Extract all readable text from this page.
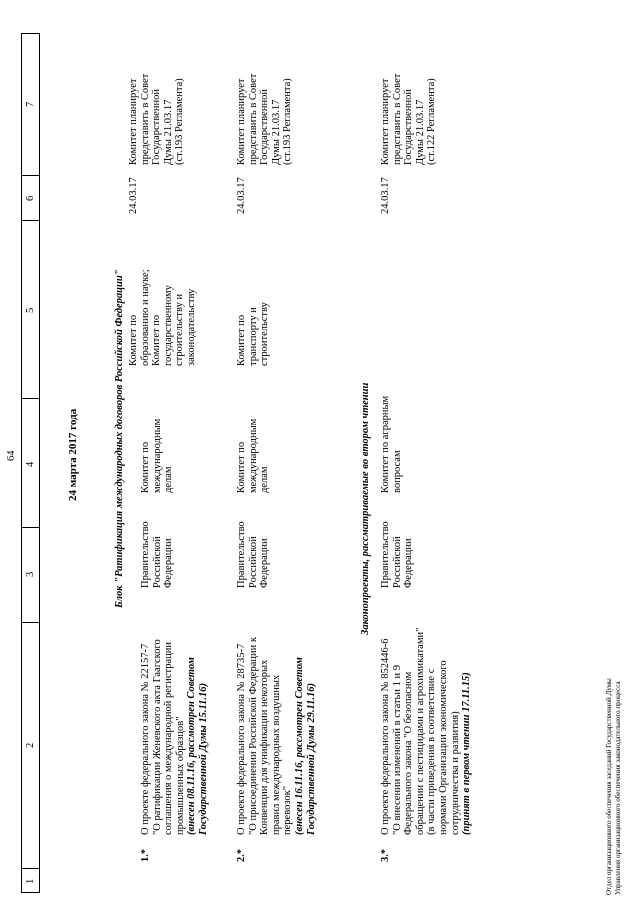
1
2
3
4
5
6
7
64	24 марта 2017 года	Блок "Ратификация международных договоров Российской Федерации"
1.*
О проекте федерального закона № 22157-7 "О ратификации Женевского акта Гаагского соглашения о международной регистрации промышленных образцов" (внесен 08.11.16, рассмотрен Советом Государственной Думы 15.11.16)
Правительство Российской Федерации
Комитет по международным делам
Комитет по образованию и науке; Комитет по государственному строительству и законодательству
24.03.17
Комитет планирует представить в Совет Государственной Думы 21.03.17 (ст.193 Регламента)
2.*
О проекте федерального закона № 28735-7 "О присоединении Российской Федерации к Конвенции для унификации некоторых правил международных воздушных перевозок" (внесен 16.11.16, рассмотрен Советом Государственной Думы 29.11.16)
Правительство Российской Федерации
Комитет по международным делам
Комитет по транспорту и строительству
24.03.17
Комитет планирует представить в Совет Государственной Думы 21.03.17 (ст.193 Регламента)
Законопроекты, рассматриваемые во втором чтении
3.*
О проекте федерального закона № 852446-6 "О внесении изменений в статьи 1 и 9 Федерального закона "О безопасном обращении с пестицидами и агрохимикатами" (в части приведения в соответствие с нормами Организации экономического сотрудничества и развития) (принят в первом чтении 17.11.15)
Правительство Российской Федерации
Комитет по аграрным вопросам
24.03.17
Комитет планирует представить в Совет Государственной Думы 21.03.17 (ст.122 Регламента)
Отдел организационного обеспечения заседаний Государственной Думы Управления организационного обеспечения законодательного процесса
